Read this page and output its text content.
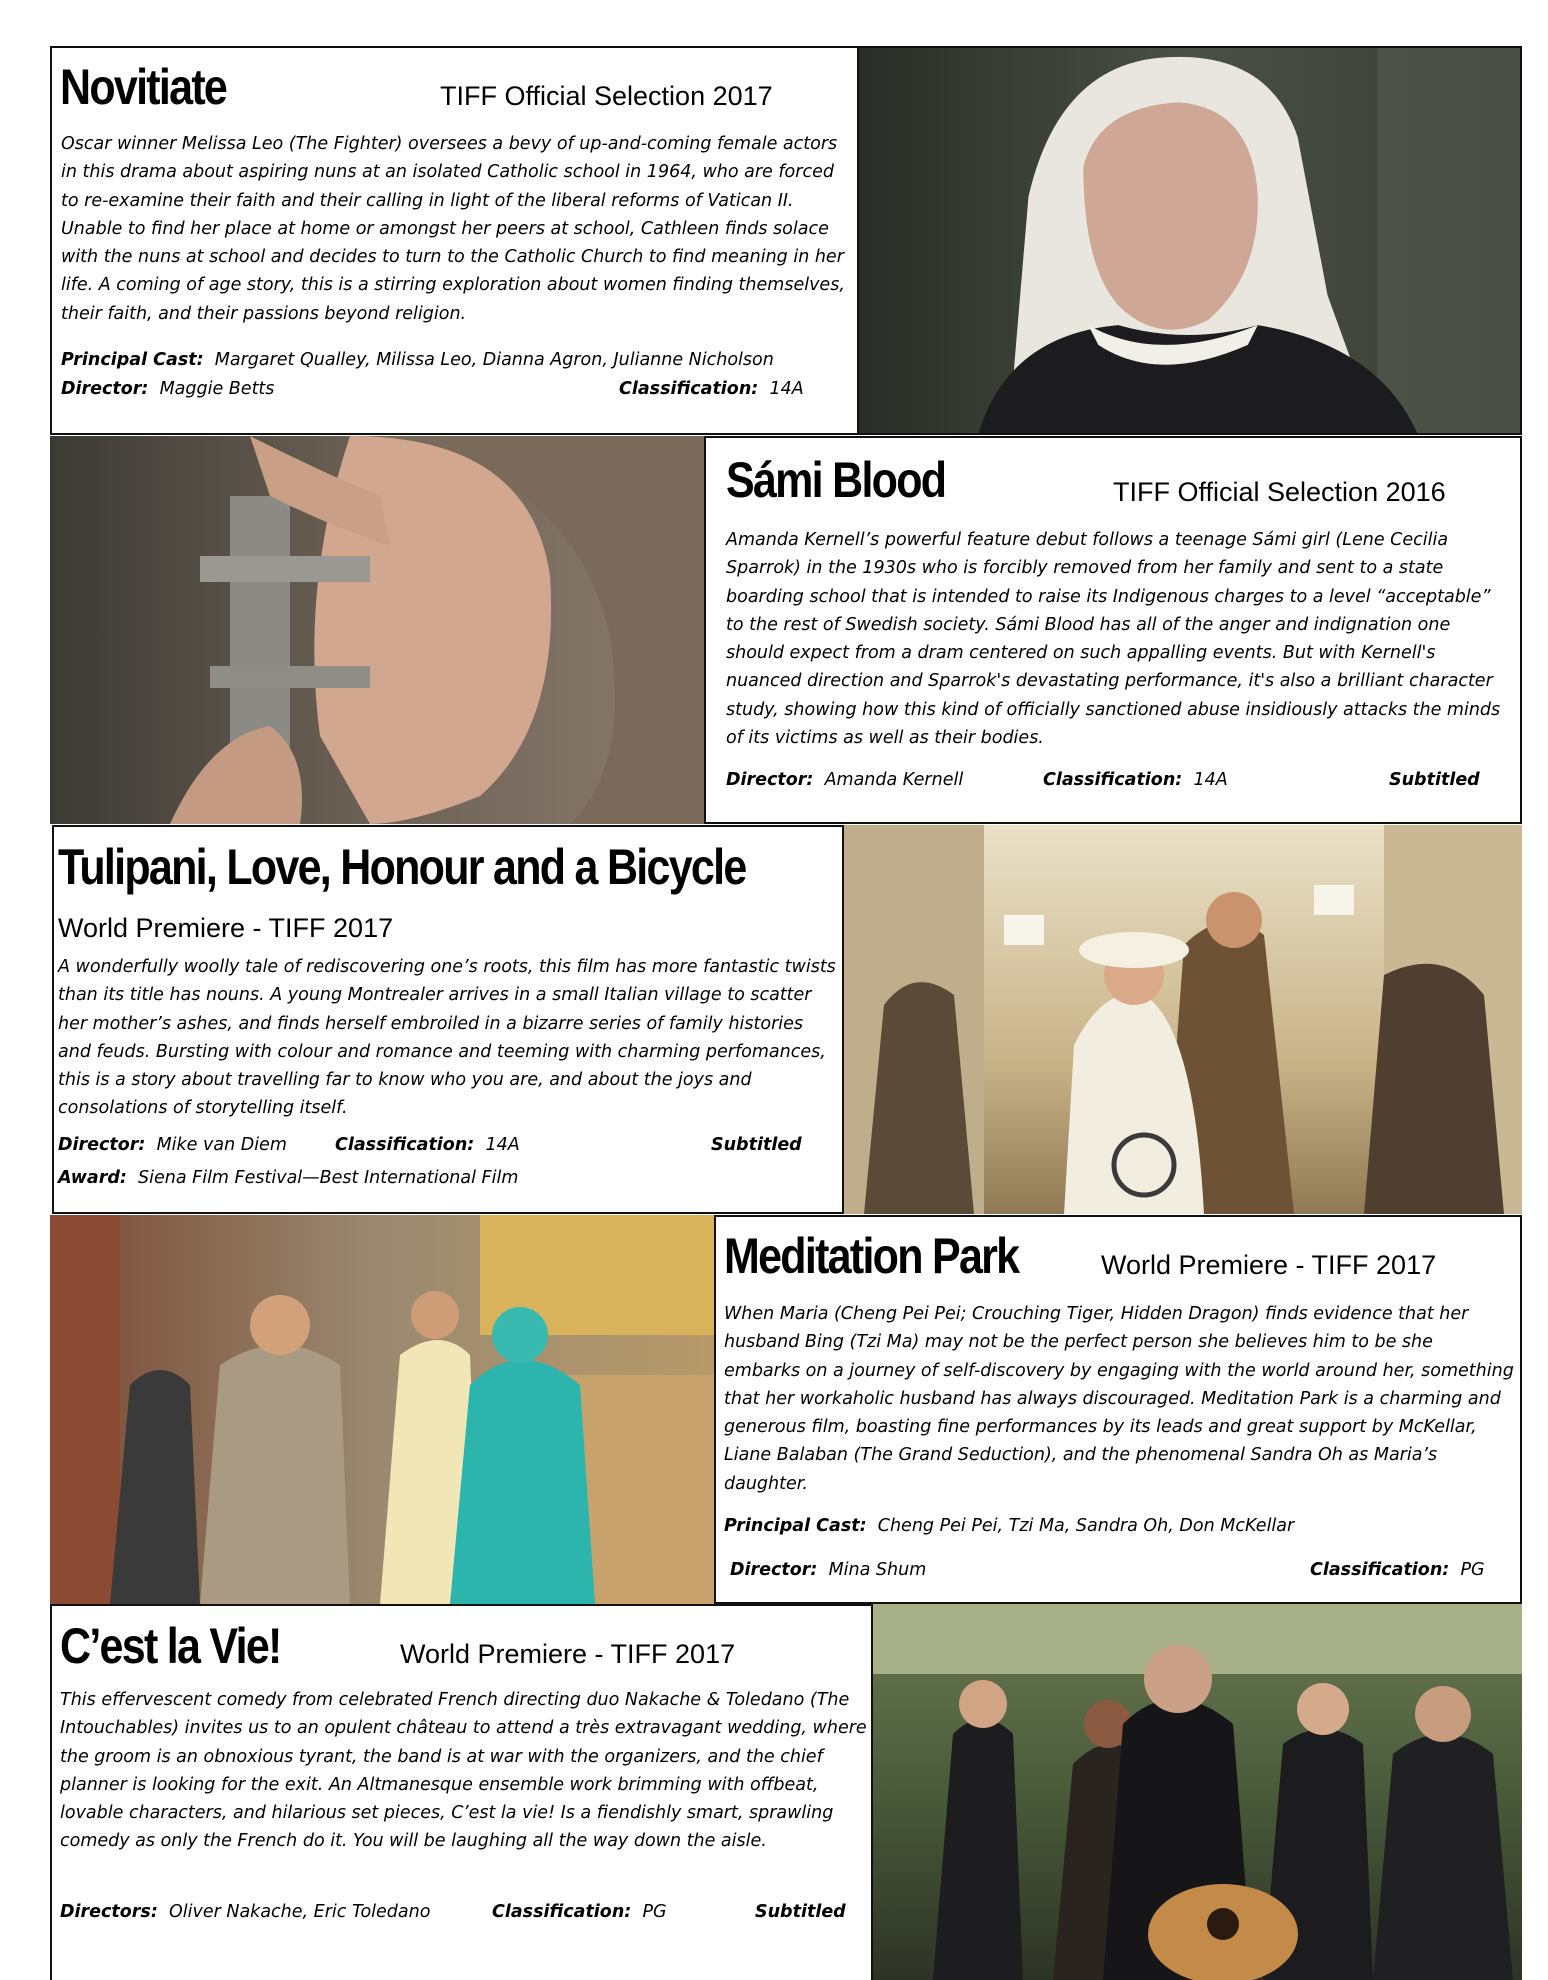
Novitiate	TIFF Official Selection 2017

Oscar winner Melissa Leo (The Fighter) oversees a bevy of up-and-coming female actors in this drama about aspiring nuns at an isolated Catholic school in 1964, who are forced to re-examine their faith and their calling in light of the liberal reforms of Vatican II. Unable to find her place at home or amongst her peers at school, Cathleen finds solace with the nuns at school and decides to turn to the Catholic Church to find meaning in her life. A coming of age story, this is a stirring exploration about women finding themselves, their faith, and their passions beyond religion.

Principal Cast: Margaret Qualley, Milissa Leo, Dianna Agron, Julianne Nicholson
Director: Maggie Betts	Classification: 14A
Sámi Blood	TIFF Official Selection 2016

Amanda Kernell’s powerful feature debut follows a teenage Sámi girl (Lene Cecilia Sparrok) in the 1930s who is forcibly removed from her family and sent to a state boarding school that is intended to raise its Indigenous charges to a level “acceptable” to the rest of Swedish society. Sámi Blood has all of the anger and indignation one should expect from a dram centered on such appalling events. But with Kernell's nuanced direction and Sparrok's devastating performance, it's also a brilliant character study, showing how this kind of officially sanctioned abuse insidiously attacks the minds of its victims as well as their bodies.

Director: Amanda Kernell	Classification: 14A	Subtitled
Tulipani, Love, Honour and a Bicycle
World Premiere - TIFF 2017

A wonderfully woolly tale of rediscovering one’s roots, this film has more fantastic twists than its title has nouns. A young Montrealer arrives in a small Italian village to scatter her mother’s ashes, and finds herself embroiled in a bizarre series of family histories and feuds. Bursting with colour and romance and teeming with charming perfomances, this is a story about travelling far to know who you are, and about the joys and consolations of storytelling itself.

Director: Mike van Diem	Classification: 14A	Subtitled
Award: Siena Film Festival—Best International Film
Meditation Park	World Premiere - TIFF 2017

When Maria (Cheng Pei Pei; Crouching Tiger, Hidden Dragon) finds evidence that her husband Bing (Tzi Ma) may not be the perfect person she believes him to be she embarks on a journey of self-discovery by engaging with the world around her, something that her workaholic husband has always discouraged. Meditation Park is a charming and generous film, boasting fine performances by its leads and great support by McKellar, Liane Balaban (The Grand Seduction), and the phenomenal Sandra Oh as Maria’s daughter.

Principal Cast: Cheng Pei Pei, Tzi Ma, Sandra Oh, Don McKellar
Director: Mina Shum	Classification: PG
C’est la Vie!	World Premiere - TIFF 2017

This effervescent comedy from celebrated French directing duo Nakache & Toledano (The Intouchables) invites us to an opulent château to attend a très extravagant wedding, where the groom is an obnoxious tyrant, the band is at war with the organizers, and the chief planner is looking for the exit. An Altmanesque ensemble work brimming with offbeat, lovable characters, and hilarious set pieces, C’est la vie! Is a fiendishly smart, sprawling comedy as only the French do it. You will be laughing all the way down the aisle.

Directors: Oliver Nakache, Eric Toledano	Classification: PG	Subtitled
